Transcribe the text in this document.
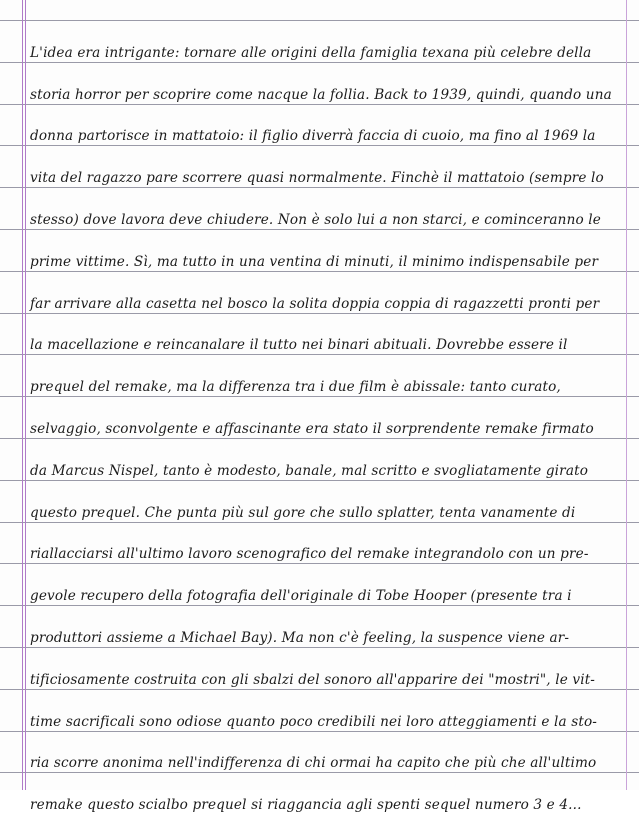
L'idea era intrigante: tornare alle origini della famiglia texana più celebre della
storia horror per scoprire come nacque la follia. Back to 1939, quindi, quando una
donna partorisce in mattatoio: il figlio diverrà faccia di cuoio, ma fino al 1969 la
vita del ragazzo pare scorrere quasi normalmente. Finchè il mattatoio (sempre lo
stesso) dove lavora deve chiudere. Non è solo lui a non starci, e cominceranno le
prime vittime. Sì, ma tutto in una ventina di minuti, il minimo indispensabile per
far arrivare alla casetta nel bosco la solita doppia coppia di ragazzetti pronti per
la macellazione e reincanalare il tutto nei binari abituali. Dovrebbe essere il
prequel del remake, ma la differenza tra i due film è abissale: tanto curato,
selvaggio, sconvolgente e affascinante era stato il sorprendente remake firmato
da Marcus Nispel, tanto è modesto, banale, mal scritto e svogliatamente girato
questo prequel. Che punta più sul gore che sullo splatter, tenta vanamente di
riallacciarsi all'ultimo lavoro scenografico del remake integrandolo con un pre-
gevole recupero della fotografia dell'originale di Tobe Hooper (presente tra i
produttori assieme a Michael Bay). Ma non c'è feeling, la suspence viene ar-
tificiosamente costruita con gli sbalzi del sonoro all'apparire dei "mostri", le vit-
time sacrificali sono odiose quanto poco credibili nei loro atteggiamenti e la sto-
ria scorre anonima nell'indifferenza di chi ormai ha capito che più che all'ultimo
remake questo scialbo prequel si riaggancia agli spenti sequel numero 3 e 4...
